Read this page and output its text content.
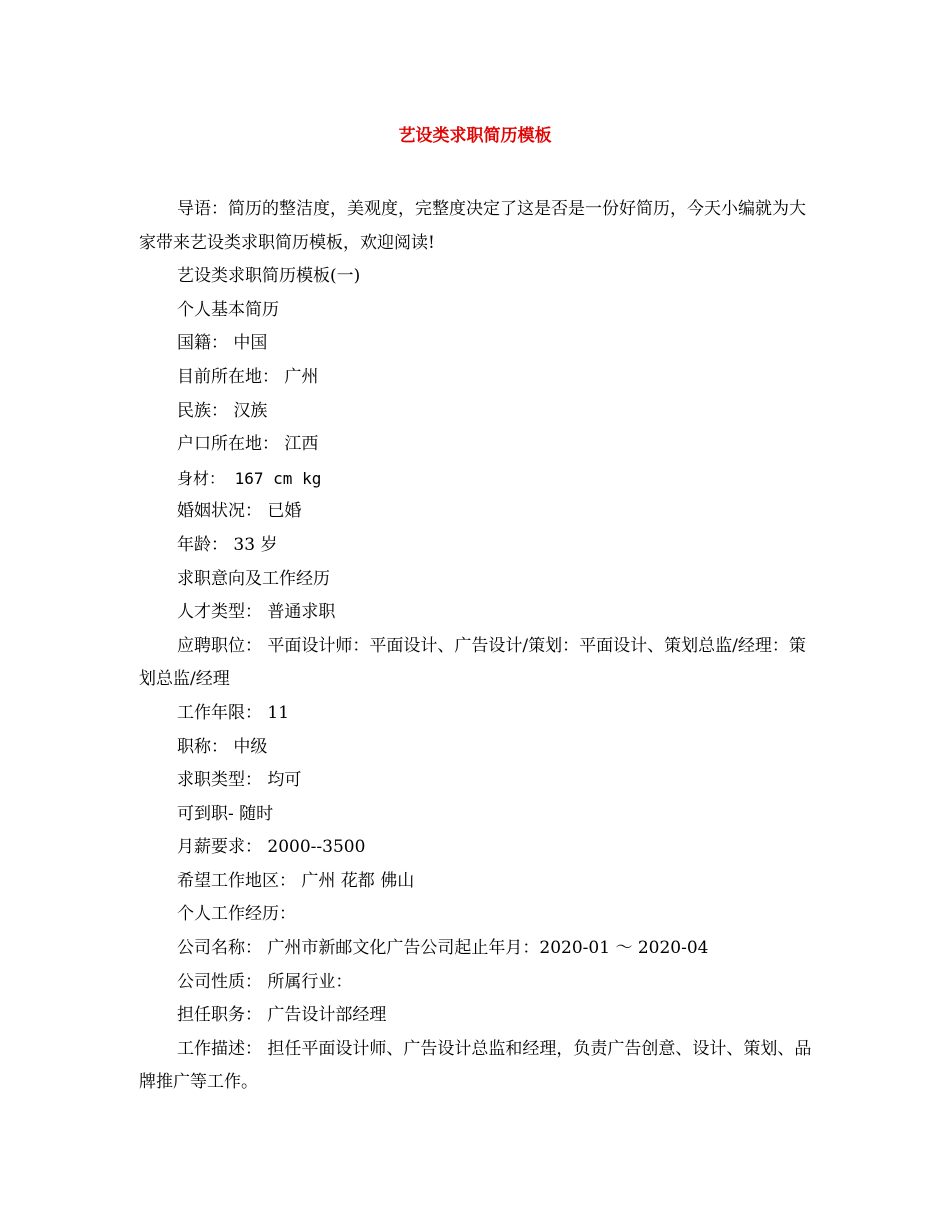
艺设类求职简历模板

导语：简历的整洁度，美观度，完整度决定了这是否是一份好简历，今天小编就为大家带来艺设类求职简历模板，欢迎阅读!

艺设类求职简历模板(一)

个人基本简历

国籍： 中国

目前所在地： 广州

民族： 汉族

户口所在地： 江西

身材： 167 cm kg

婚姻状况： 已婚

年龄： 33 岁

求职意向及工作经历

人才类型： 普通求职

应聘职位： 平面设计师：平面设计、广告设计/策划：平面设计、策划总监/经理：策划总监/经理

工作年限： 11

职称： 中级

求职类型： 均可

可到职- 随时

月薪要求： 2000--3500

希望工作地区： 广州 花都 佛山

个人工作经历：

公司名称： 广州市新邮文化广告公司起止年月：2020-01 ～ 2020-04

公司性质： 所属行业：

担任职务： 广告设计部经理

工作描述： 担任平面设计师、广告设计总监和经理，负责广告创意、设计、策划、品牌推广等工作。
